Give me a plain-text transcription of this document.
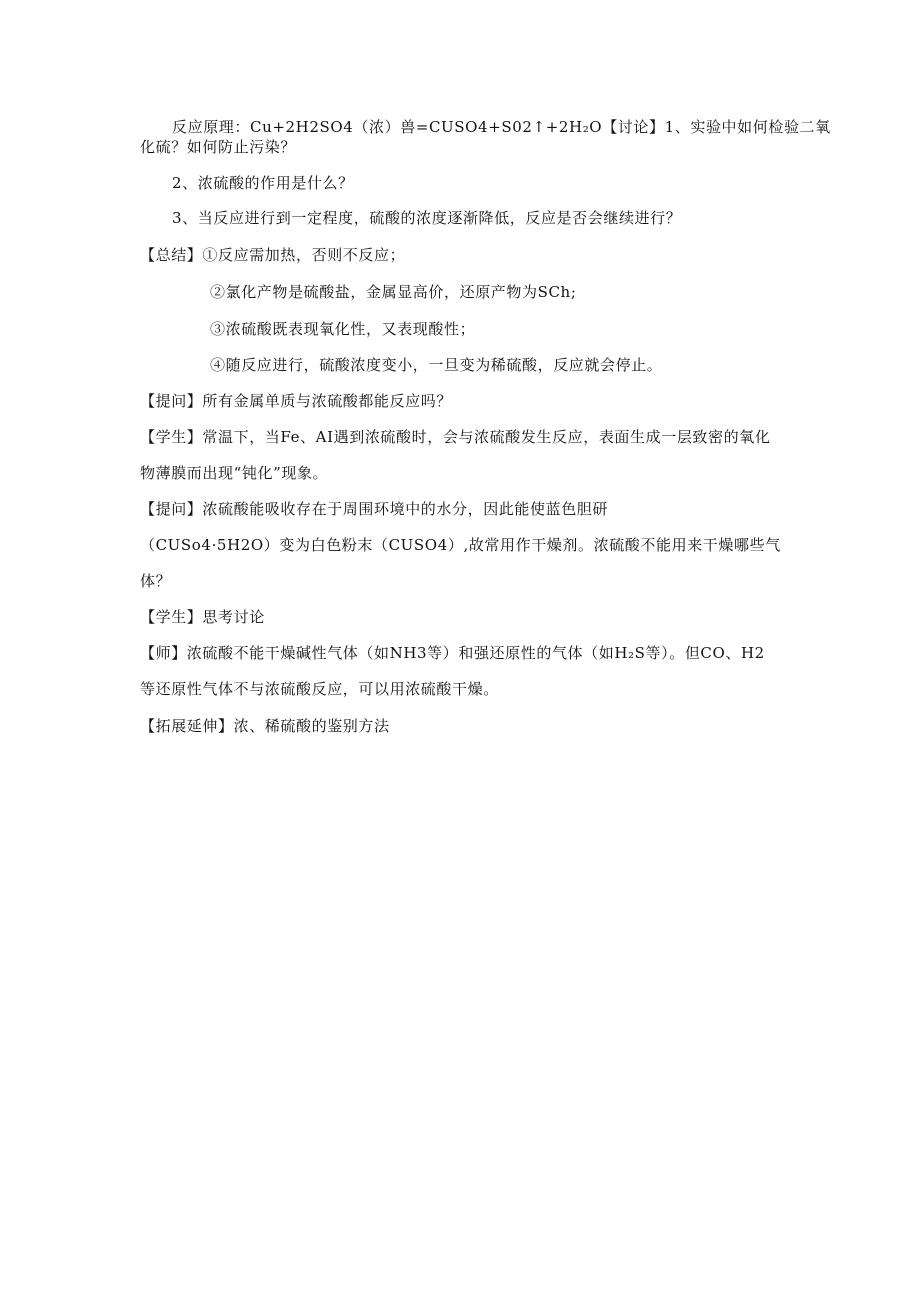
反应原理：Cu+2H2SO4（浓）兽=CUSO4+S02↑+2H₂O【讨论】1、实验中如何检验二氧
化硫？如何防止污染？
2、浓硫酸的作用是什么？
3、当反应进行到一定程度，硫酸的浓度逐渐降低，反应是否会继续进行？
【总结】①反应需加热，否则不反应；
②氯化产物是硫酸盐，金属显高价，还原产物为SCh;
③浓硫酸既表现氧化性，又表现酸性；
④随反应进行，硫酸浓度变小，一旦变为稀硫酸，反应就会停止。
【提问】所有金属单质与浓硫酸都能反应吗？
【学生】常温下，当Fe、AI遇到浓硫酸时，会与浓硫酸发生反应，表面生成一层致密的氧化
物薄膜而出现“钝化”现象。
【提问】浓硫酸能吸收存在于周围环境中的水分，因此能使蓝色胆研
（CUSo4·5H2O）变为白色粉末（CUSO4）,故常用作干燥剂。浓硫酸不能用来干燥哪些气
体？
【学生】思考讨论
【师】浓硫酸不能干燥碱性气体（如NH3等）和强还原性的气体（如H₂S等）。但CO、H2
等还原性气体不与浓硫酸反应，可以用浓硫酸干燥。
【拓展延伸】浓、稀硫酸的鉴别方法
